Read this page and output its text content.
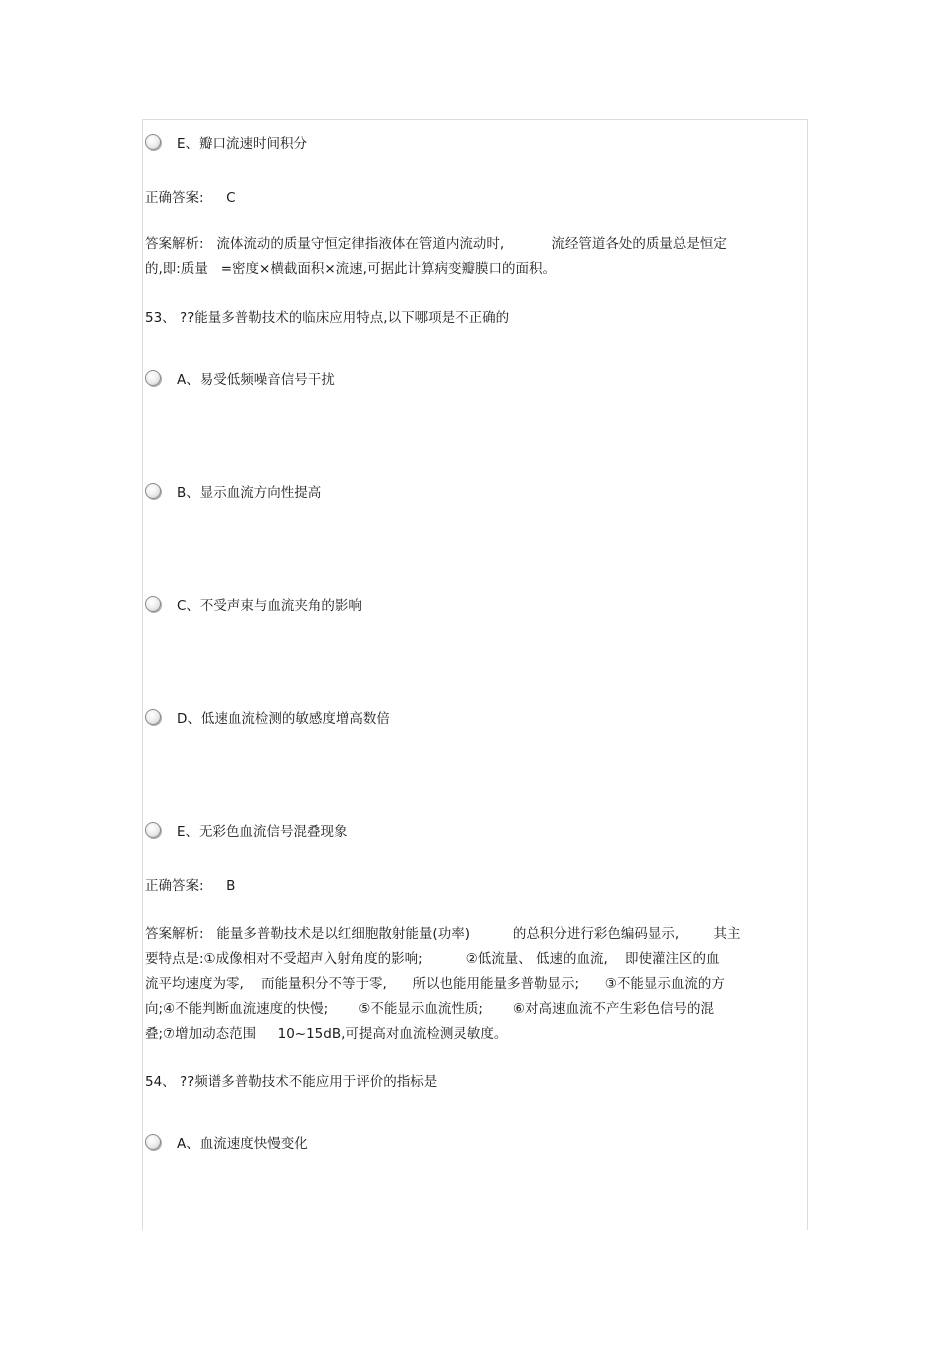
E、瓣口流速时间积分
正确答案: C
答案解析:   流体流动的质量守恒定律指液体在管道内流动时,           流经管道各处的质量总是恒定
的,即:质量   =密度×横截面积×流速,可据此计算病变瓣膜口的面积。
53、 ??能量多普勒技术的临床应用特点,以下哪项是不正确的
A、易受低频噪音信号干扰
B、显示血流方向性提高
C、不受声束与血流夹角的影响
D、低速血流检测的敏感度增高数倍
E、无彩色血流信号混叠现象
正确答案: B
答案解析:   能量多普勒技术是以红细胞散射能量(功率)          的总积分进行彩色编码显示,        其主
要特点是:①成像相对不受超声入射角度的影响;          ②低流量、 低速的血流,    即使灌注区的血
流平均速度为零,    而能量积分不等于零,      所以也能用能量多普勒显示;      ③不能显示血流的方
向;④不能判断血流速度的快慢;       ⑤不能显示血流性质;       ⑥对高速血流不产生彩色信号的混
叠;⑦增加动态范围     10~15dB,可提高对血流检测灵敏度。
54、 ??频谱多普勒技术不能应用于评价的指标是
A、血流速度快慢变化
